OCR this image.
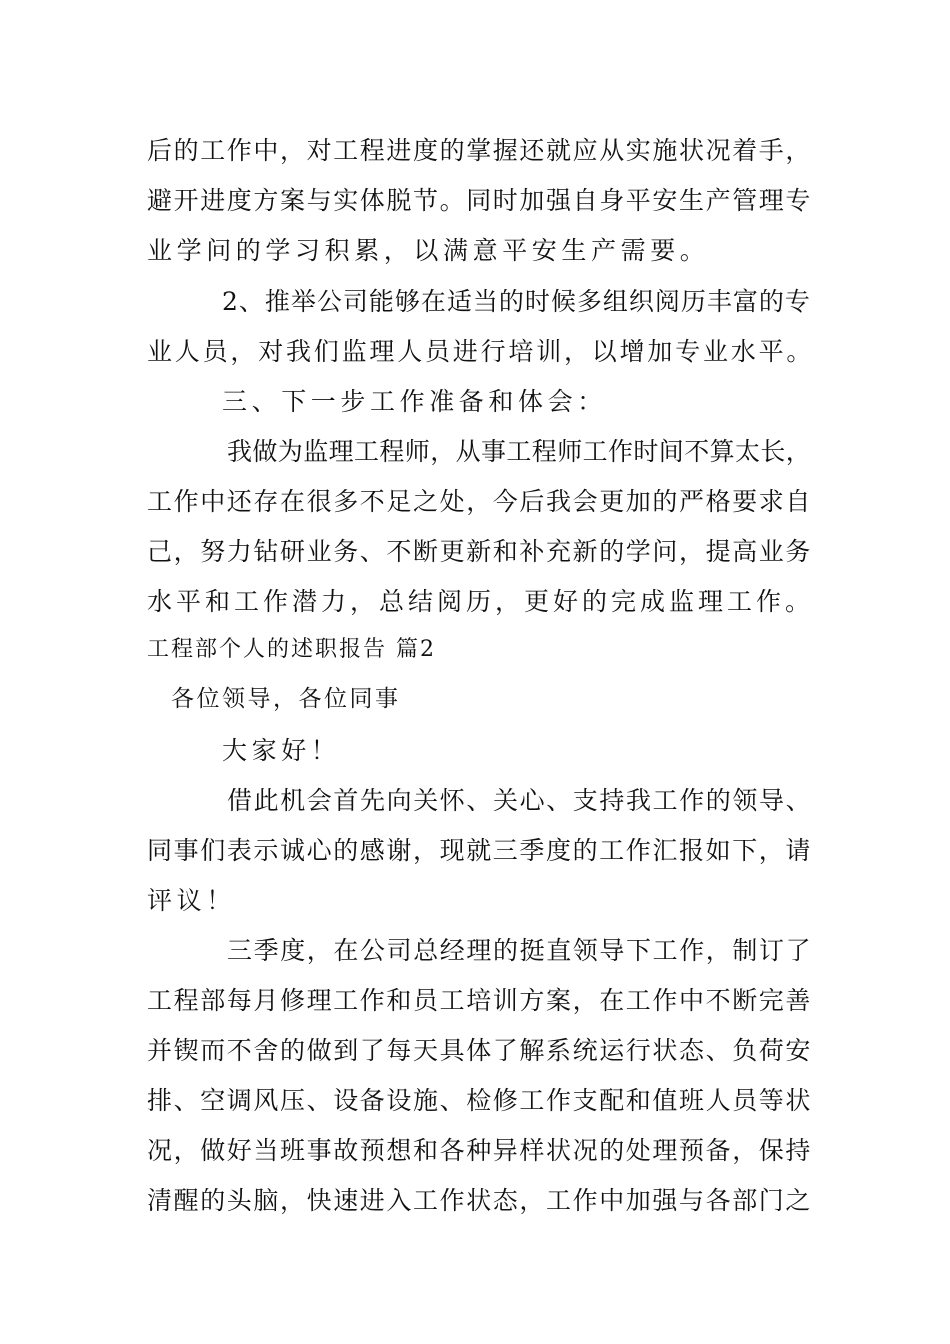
后的工作中，对工程进度的掌握还就应从实施状况着手，
避开进度方案与实体脱节。同时加强自身平安生产管理专
业学问的学习积累，以满意平安生产需要。
2、推举公司能够在适当的时候多组织阅历丰富的专
业人员，对我们监理人员进行培训，以增加专业水平。
三、下一步工作准备和体会：
我做为监理工程师，从事工程师工作时间不算太长，
工作中还存在很多不足之处，今后我会更加的严格要求自
己，努力钻研业务、不断更新和补充新的学问，提高业务
水平和工作潜力，总结阅历，更好的完成监理工作。
工程部个人的述职报告 篇2
各位领导，各位同事
大家好！
借此机会首先向关怀、关心、支持我工作的领导、
同事们表示诚心的感谢，现就三季度的工作汇报如下，请
评议！
三季度，在公司总经理的挺直领导下工作，制订了
工程部每月修理工作和员工培训方案，在工作中不断完善
并锲而不舍的做到了每天具体了解系统运行状态、负荷安
排、空调风压、设备设施、检修工作支配和值班人员等状
况，做好当班事故预想和各种异样状况的处理预备，保持
清醒的头脑，快速进入工作状态，工作中加强与各部门之
